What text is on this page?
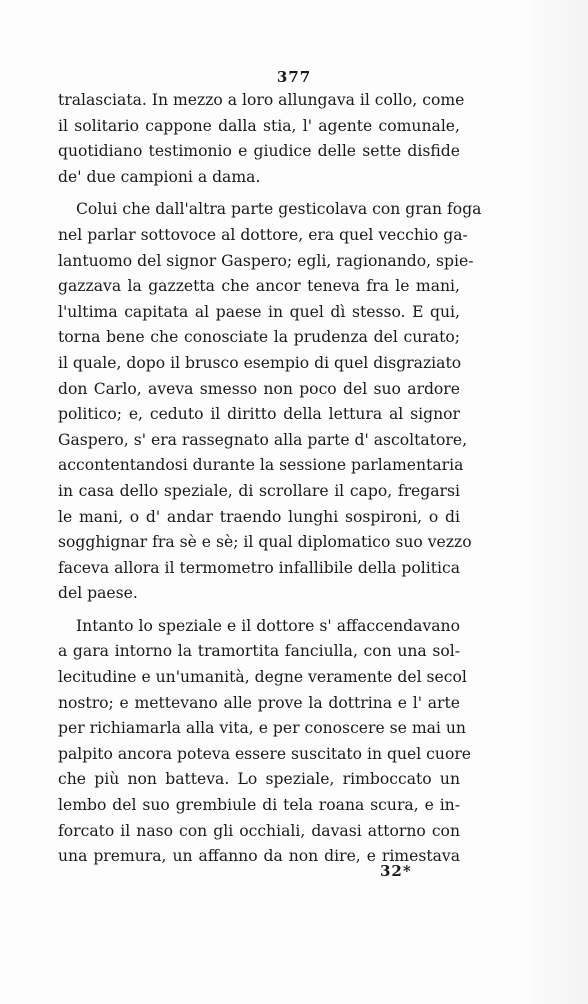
377
tralasciata. In mezzo a loro allungava il collo, come
il solitario cappone dalla stia, l' agente comunale,
quotidiano testimonio e giudice delle sette disfide
de' due campioni a dama.
Colui che dall'altra parte gesticolava con gran foga
nel parlar sottovoce al dottore, era quel vecchio ga-
lantuomo del signor Gaspero; egli, ragionando, spie-
gazzava la gazzetta che ancor teneva fra le mani,
l'ultima capitata al paese in quel dì stesso. E qui,
torna bene che conosciate la prudenza del curato;
il quale, dopo il brusco esempio di quel disgraziato
don Carlo, aveva smesso non poco del suo ardore
politico; e, ceduto il diritto della lettura al signor
Gaspero, s' era rassegnato alla parte d' ascoltatore,
accontentandosi durante la sessione parlamentaria
in casa dello speziale, di scrollare il capo, fregarsi
le mani, o d' andar traendo lunghi sospironi, o di
sogghignar fra sè e sè; il qual diplomatico suo vezzo
faceva allora il termometro infallibile della politica
del paese.
Intanto lo speziale e il dottore s' affaccendavano
a gara intorno la tramortita fanciulla, con una sol-
lecitudine e un'umanità, degne veramente del secol
nostro; e mettevano alle prove la dottrina e l' arte
per richiamarla alla vita, e per conoscere se mai un
palpito ancora poteva essere suscitato in quel cuore
che più non batteva. Lo speziale, rimboccato un
lembo del suo grembiule di tela roana scura, e in-
forcato il naso con gli occhiali, davasi attorno con
una premura, un affanno da non dire, e rimestava
32*
